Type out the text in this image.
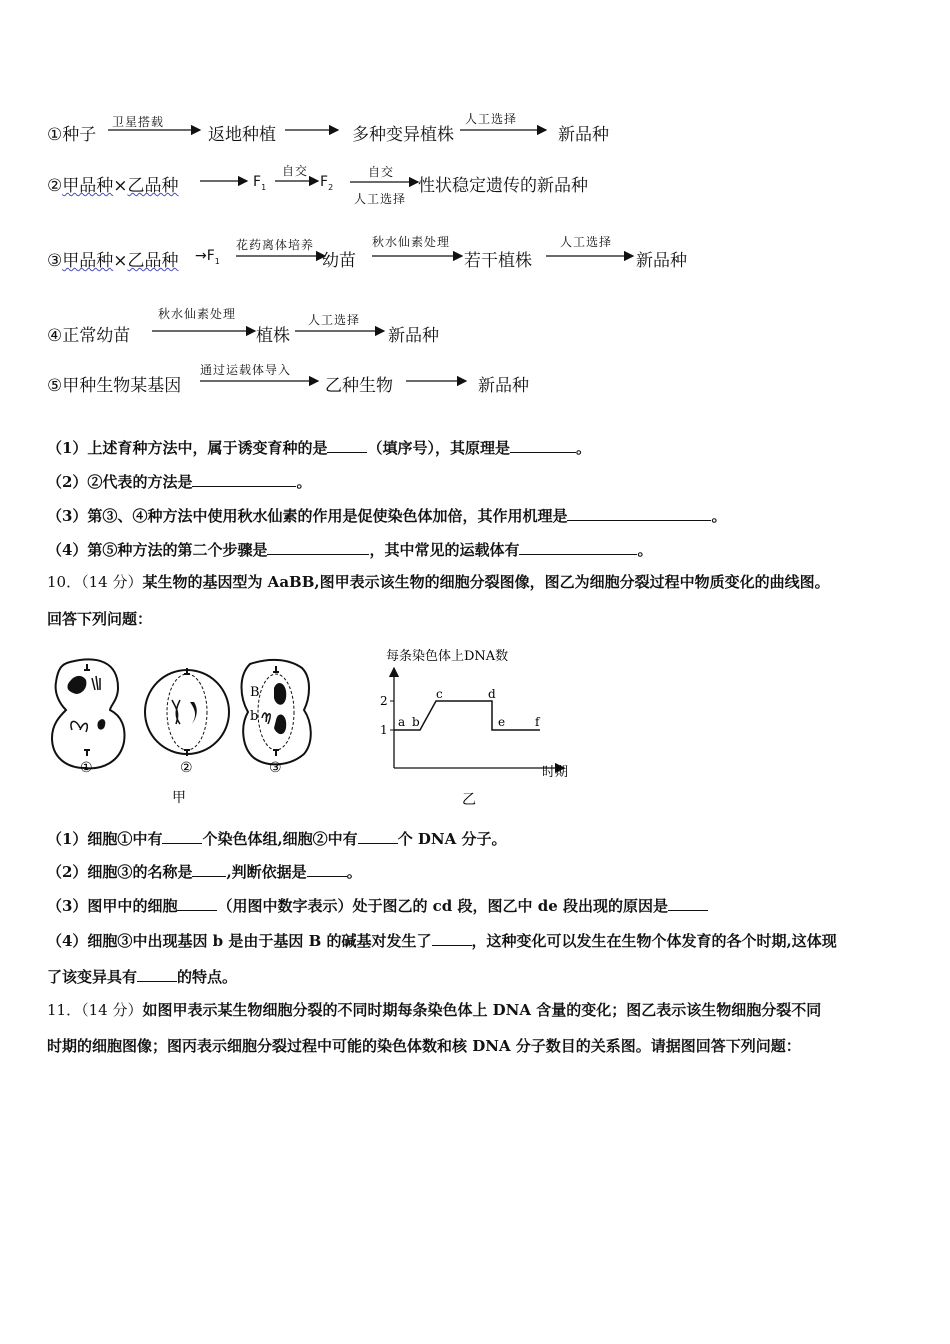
①种子
卫星搭载
返地种植	多种变异植株
人工选择
新品种
②甲品种×乙品种	$F_1$
自交
$F_2$
自交
人工选择
性状稳定遗传的新品种
③甲品种×乙品种 $\to F_1$
花药离体培养
幼苗
秋水仙素处理
若干植株
人工选择
新品种
④正常幼苗
秋水仙素处理
植株
人工选择
新品种
⑤甲种生物某基因
通过运载体导入
乙种生物	新品种
（1）上述育种方法中，属于诱变育种的是	（填序号），其原理是	。
（2）②代表的方法是	。
（3）第③、④种方法中使用秋水仙素的作用是促使染色体加倍，其作用机理是	。
（4）第⑤种方法的第二个步骤是	，其中常见的运载体有	。
10．（14 分）某生物的基因型为 AaBB,图甲表示该生物的细胞分裂图像，图乙为细胞分裂过程中物质变化的曲线图。
回答下列问题：
B
b
①	②	③
甲
每条染色体上DNA数
时期
2
1
a b
c	d
e f
乙
（1）细胞①中有	个染色体组,细胞②中有	个 DNA 分子。
（2）细胞③的名称是 ,判断依据是	。
（3）图甲中的细胞	（用图中数字表示）处于图乙的 cd 段，图乙中 de 段出现的原因是
（4）细胞③中出现基因 b 是由于基因 B 的碱基对发生了	，这种变化可以发生在生物个体发育的各个时期,这体现
了该变异具有	的特点。
11．（14 分）如图甲表示某生物细胞分裂的不同时期每条染色体上 DNA 含量的变化；图乙表示该生物细胞分裂不同
时期的细胞图像；图丙表示细胞分裂过程中可能的染色体数和核 DNA 分子数目的关系图。请据图回答下列问题：
